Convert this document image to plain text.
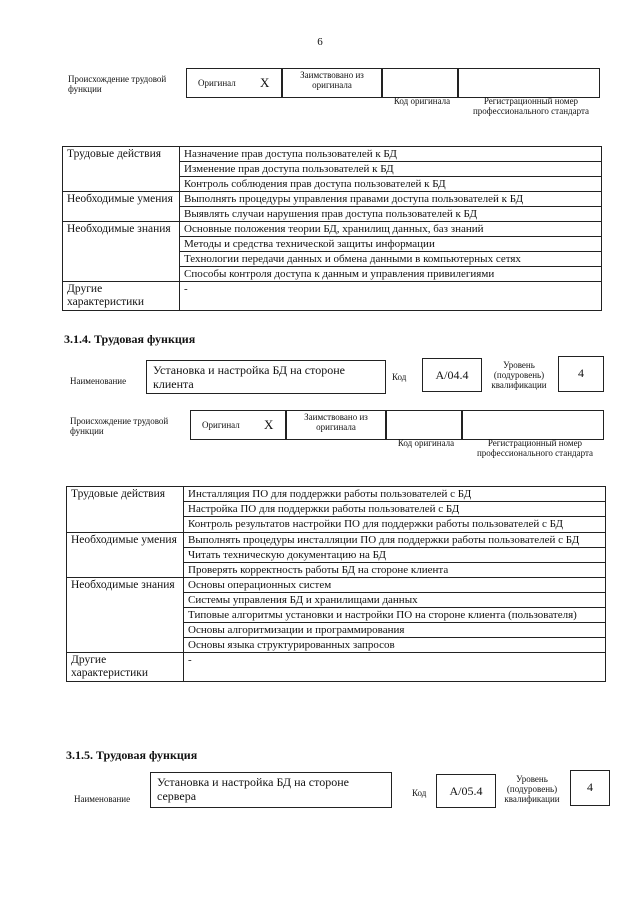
6
Происхождение трудовой функции
Оригинал X	Заимствовано из оригинала
Код оригинала	Регистрационный номер профессионального стандарта
Трудовые действия	Назначение прав доступа пользователей к БД
	Изменение прав доступа пользователей к БД
	Контроль соблюдения прав доступа пользователей к БД
Необходимые умения	Выполнять процедуры управления правами доступа пользователей к БД
	Выявлять случаи нарушения прав доступа пользователей к БД
Необходимые знания	Основные положения теории БД, хранилищ данных, баз знаний
	Методы и средства технической защиты информации
	Технологии передачи данных и обмена данными в компьютерных сетях
	Способы контроля доступа к данным и управления привилегиями
Другие характеристики	-
3.1.4. Трудовая функция
Наименование
Установка и настройка БД на стороне клиента	Код	А/04.4
Уровень (подуровень) квалификации
4
Происхождение трудовой функции
Оригинал X	Заимствовано из оригинала
Код оригинала	Регистрационный номер профессионального стандарта
Трудовые действия	Инсталляция ПО для поддержки работы пользователей с БД
	Настройка ПО для поддержки работы пользователей с БД
	Контроль результатов настройки ПО для поддержки работы пользователей с БД
Необходимые умения	Выполнять процедуры инсталляции ПО для поддержки работы пользователей с БД
	Читать техническую документацию на БД
	Проверять корректность работы БД на стороне клиента
Необходимые знания	Основы операционных систем
	Системы управления БД и хранилищами данных
	Типовые алгоритмы установки и настройки ПО на стороне клиента (пользователя)
	Основы алгоритмизации и программирования
	Основы языка структурированных запросов
Другие характеристики	-
3.1.5. Трудовая функция
Наименование
Установка и настройка БД на стороне сервера	Код	А/05.4
Уровень (подуровень) квалификации
4
